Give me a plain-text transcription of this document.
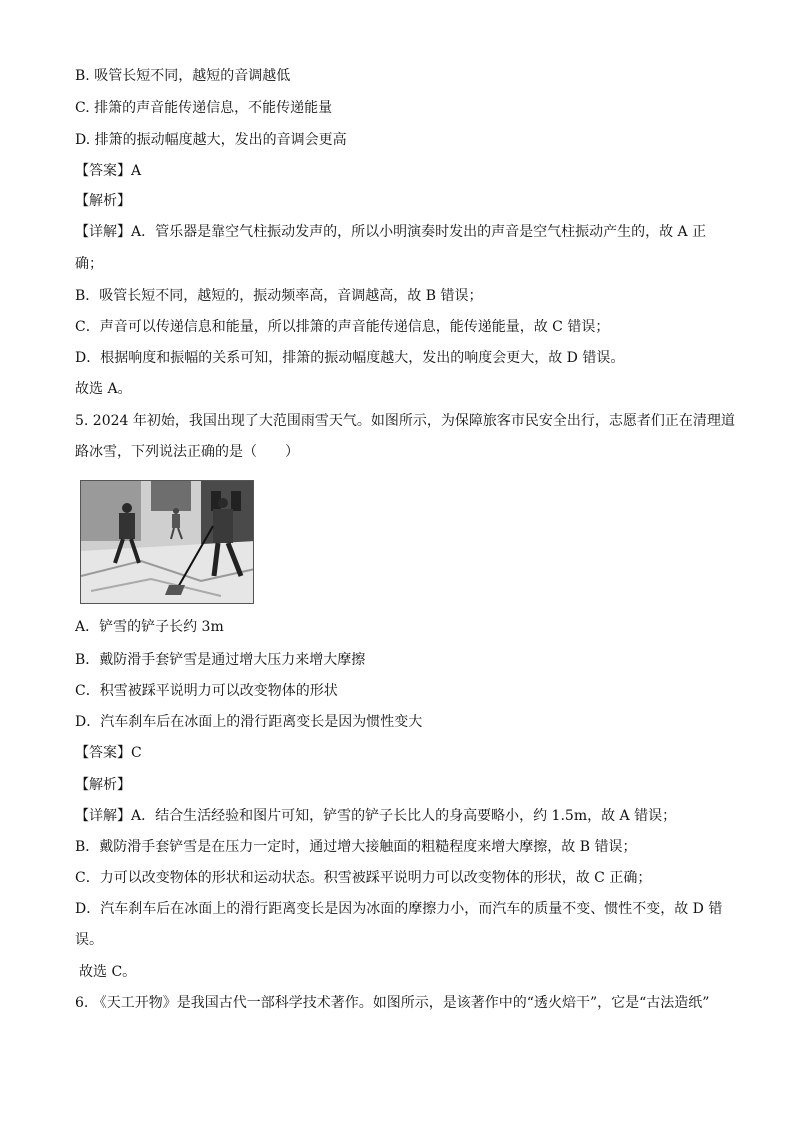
B. 吸管长短不同，越短的音调越低
C. 排箫的声音能传递信息，不能传递能量
D. 排箫的振动幅度越大，发出的音调会更高
【答案】A
【解析】
【详解】A．管乐器是靠空气柱振动发声的，所以小明演奏时发出的声音是空气柱振动产生的，故 A 正
确；
B．吸管长短不同，越短的，振动频率高，音调越高，故 B 错误；
C．声音可以传递信息和能量，所以排箫的声音能传递信息，能传递能量，故 C 错误；
D．根据响度和振幅的关系可知，排箫的振动幅度越大，发出的响度会更大，故 D 错误。
故选 A。
5. 2024 年初始，我国出现了大范围雨雪天气。如图所示，为保障旅客市民安全出行，志愿者们正在清理道
路冰雪，下列说法正确的是（　　）
A．铲雪的铲子长约 3m
B．戴防滑手套铲雪是通过增大压力来增大摩擦
C．积雪被踩平说明力可以改变物体的形状
D．汽车刹车后在冰面上的滑行距离变长是因为惯性变大
【答案】C
【解析】
【详解】A．结合生活经验和图片可知，铲雪的铲子长比人的身高要略小，约 1.5m，故 A 错误；
B．戴防滑手套铲雪是在压力一定时，通过增大接触面的粗糙程度来增大摩擦，故 B 错误；
C．力可以改变物体的形状和运动状态。积雪被踩平说明力可以改变物体的形状，故 C 正确；
D．汽车刹车后在冰面上的滑行距离变长是因为冰面的摩擦力小，而汽车的质量不变、惯性不变，故 D 错
误。
故选 C。
6. 《天工开物》是我国古代一部科学技术著作。如图所示，是该著作中的“透火焙干”，它是“古法造纸”
